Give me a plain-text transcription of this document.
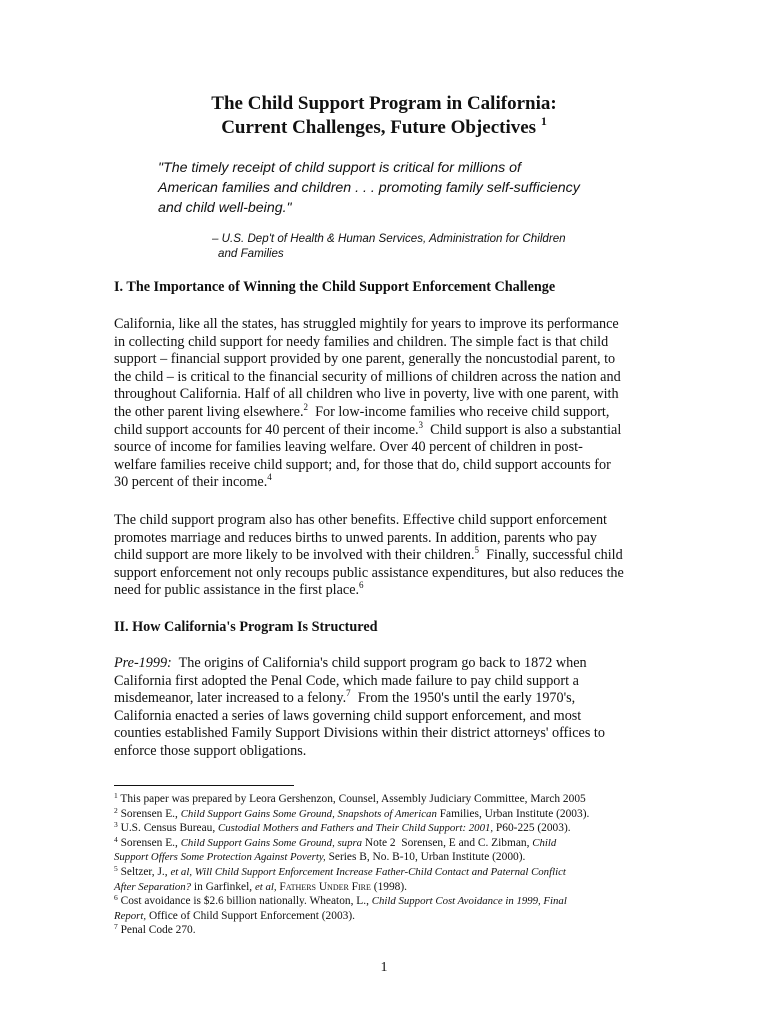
The Child Support Program in California:
Current Challenges, Future Objectives $^1$
"The timely receipt of child support is critical for millions of
American families and children . . . promoting family self-sufficiency
and child well-being."
– U.S. Dep't of Health & Human Services, Administration for Children
and Families
I. The Importance of Winning the Child Support Enforcement Challenge
California, like all the states, has struggled mightily for years to improve its performance
in collecting child support for needy families and children. The simple fact is that child
support – financial support provided by one parent, generally the noncustodial parent, to
the child – is critical to the financial security of millions of children across the nation and
throughout California. Half of all children who live in poverty, live with one parent, with
the other parent living elsewhere.$^2$  For low-income families who receive child support,
child support accounts for 40 percent of their income.$^3$  Child support is also a substantial
source of income for families leaving welfare. Over 40 percent of children in post-
welfare families receive child support; and, for those that do, child support accounts for
30 percent of their income.$^4$
The child support program also has other benefits. Effective child support enforcement
promotes marriage and reduces births to unwed parents. In addition, parents who pay
child support are more likely to be involved with their children.$^5$  Finally, successful child
support enforcement not only recoups public assistance expenditures, but also reduces the
need for public assistance in the first place.$^6$
II. How California's Program Is Structured
Pre-1999:  The origins of California's child support program go back to 1872 when
California first adopted the Penal Code, which made failure to pay child support a
misdemeanor, later increased to a felony.$^7$  From the 1950's until the early 1970's,
California enacted a series of laws governing child support enforcement, and most
counties established Family Support Divisions within their district attorneys' offices to
enforce those support obligations.
$^1$ This paper was prepared by Leora Gershenzon, Counsel, Assembly Judiciary Committee, March 2005
$^2$ Sorensen E., Child Support Gains Some Ground, Snapshots of American Families, Urban Institute (2003).
$^3$ U.S. Census Bureau, Custodial Mothers and Fathers and Their Child Support: 2001, P60-225 (2003).
$^4$ Sorensen E., Child Support Gains Some Ground, supra Note 2  Sorensen, E and C. Zibman, Child
Support Offers Some Protection Against Poverty, Series B, No. B-10, Urban Institute (2000).
$^5$ Seltzer, J., et al, Will Child Support Enforcement Increase Father-Child Contact and Paternal Conflict
After Separation? in Garfinkel, et al, Fathers Under Fire (1998).
$^6$ Cost avoidance is $2.6 billion nationally. Wheaton, L., Child Support Cost Avoidance in 1999, Final
Report, Office of Child Support Enforcement (2003).
$^7$ Penal Code 270.
1
